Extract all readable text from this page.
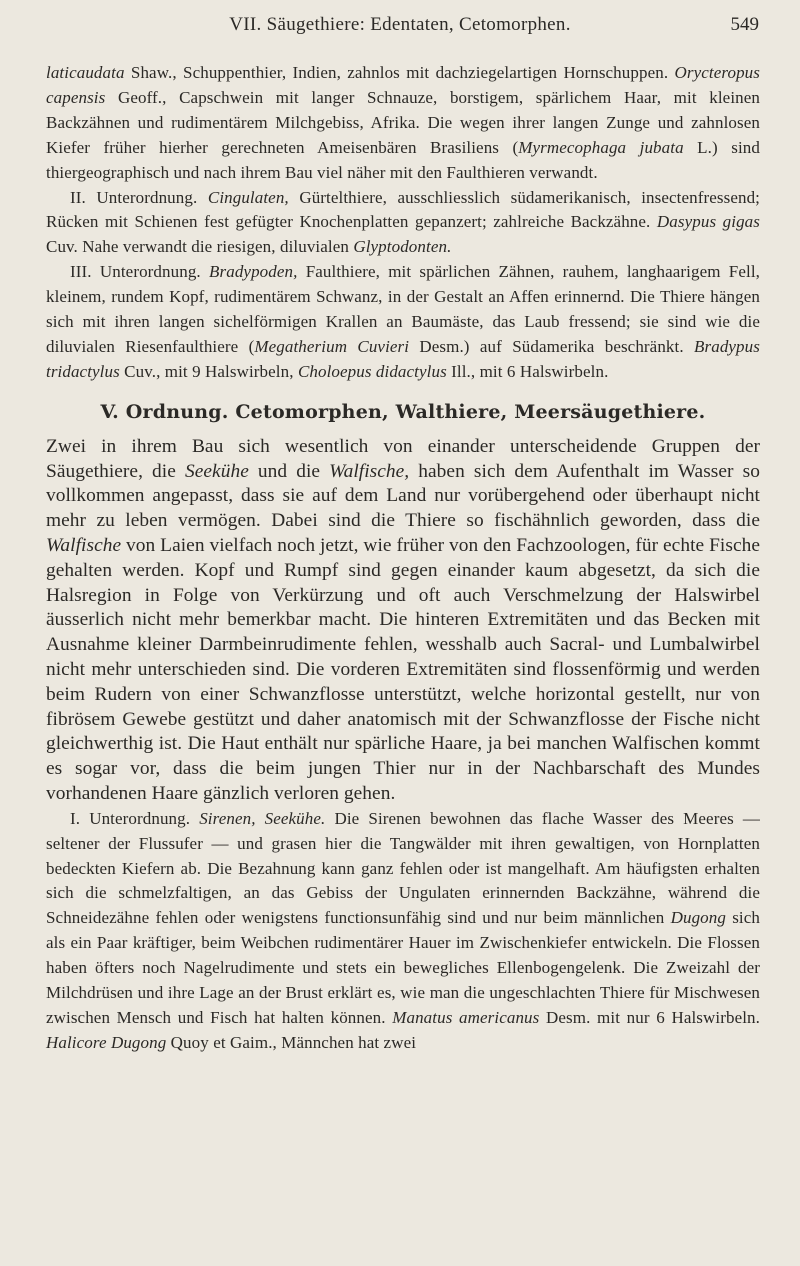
VII. Säugethiere: Edentaten, Cetomorphen.	549

laticaudata Shaw., Schuppenthier, Indien, zahnlos mit dachziegelartigen Hornschuppen. Orycteropus capensis Geoff., Capschwein mit langer Schnauze, borstigem, spärlichem Haar, mit kleinen Backzähnen und rudimentärem Milchgebiss, Afrika. Die wegen ihrer langen Zunge und zahnlosen Kiefer früher hierher gerechneten Ameisenbären Brasiliens (Myrmecophaga jubata L.) sind thiergeographisch und nach ihrem Bau viel näher mit den Faulthieren verwandt.

II. Unterordnung. Cingulaten, Gürtelthiere, ausschliesslich südamerikanisch, insectenfressend; Rücken mit Schienen fest gefügter Knochenplatten gepanzert; zahlreiche Backzähne. Dasypus gigas Cuv. Nahe verwandt die riesigen, diluvialen Glyptodonten.

III. Unterordnung. Bradypoden, Faulthiere, mit spärlichen Zähnen, rauhem, langhaarigem Fell, kleinem, rundem Kopf, rudimentärem Schwanz, in der Gestalt an Affen erinnernd. Die Thiere hängen sich mit ihren langen sichelförmigen Krallen an Baumäste, das Laub fressend; sie sind wie die diluvialen Riesenfaulthiere (Megatherium Cuvieri Desm.) auf Südamerika beschränkt. Bradypus tridactylus Cuv., mit 9 Halswirbeln, Choloepus didactylus Ill., mit 6 Halswirbeln.

V. Ordnung. Cetomorphen, Walthiere, Meersäugethiere.

Zwei in ihrem Bau sich wesentlich von einander unterscheidende Gruppen der Säugethiere, die Seekühe und die Walfische, haben sich dem Aufenthalt im Wasser so vollkommen angepasst, dass sie auf dem Land nur vorübergehend oder überhaupt nicht mehr zu leben vermögen. Dabei sind die Thiere so fischähnlich geworden, dass die Walfische von Laien vielfach noch jetzt, wie früher von den Fachzoologen, für echte Fische gehalten werden. Kopf und Rumpf sind gegen einander kaum abgesetzt, da sich die Halsregion in Folge von Verkürzung und oft auch Verschmelzung der Halswirbel äusserlich nicht mehr bemerkbar macht. Die hinteren Extremitäten und das Becken mit Ausnahme kleiner Darmbeinrudimente fehlen, wesshalb auch Sacral- und Lumbalwirbel nicht mehr unterschieden sind. Die vorderen Extremitäten sind flossenförmig und werden beim Rudern von einer Schwanzflosse unterstützt, welche horizontal gestellt, nur von fibrösem Gewebe gestützt und daher anatomisch mit der Schwanzflosse der Fische nicht gleichwerthig ist. Die Haut enthält nur spärliche Haare, ja bei manchen Walfischen kommt es sogar vor, dass die beim jungen Thier nur in der Nachbarschaft des Mundes vorhandenen Haare gänzlich verloren gehen.

I. Unterordnung. Sirenen, Seekühe. Die Sirenen bewohnen das flache Wasser des Meeres — seltener der Flussufer — und grasen hier die Tangwälder mit ihren gewaltigen, von Hornplatten bedeckten Kiefern ab. Die Bezahnung kann ganz fehlen oder ist mangelhaft. Am häufigsten erhalten sich die schmelzfaltigen, an das Gebiss der Ungulaten erinnernden Backzähne, während die Schneidezähne fehlen oder wenigstens functionsunfähig sind und nur beim männlichen Dugong sich als ein Paar kräftiger, beim Weibchen rudimentärer Hauer im Zwischenkiefer entwickeln. Die Flossen haben öfters noch Nagelrudimente und stets ein bewegliches Ellenbogengelenk. Die Zweizahl der Milchdrüsen und ihre Lage an der Brust erklärt es, wie man die ungeschlachten Thiere für Mischwesen zwischen Mensch und Fisch hat halten können. Manatus americanus Desm. mit nur 6 Halswirbeln. Halicore Dugong Quoy et Gaim., Männchen hat zwei
